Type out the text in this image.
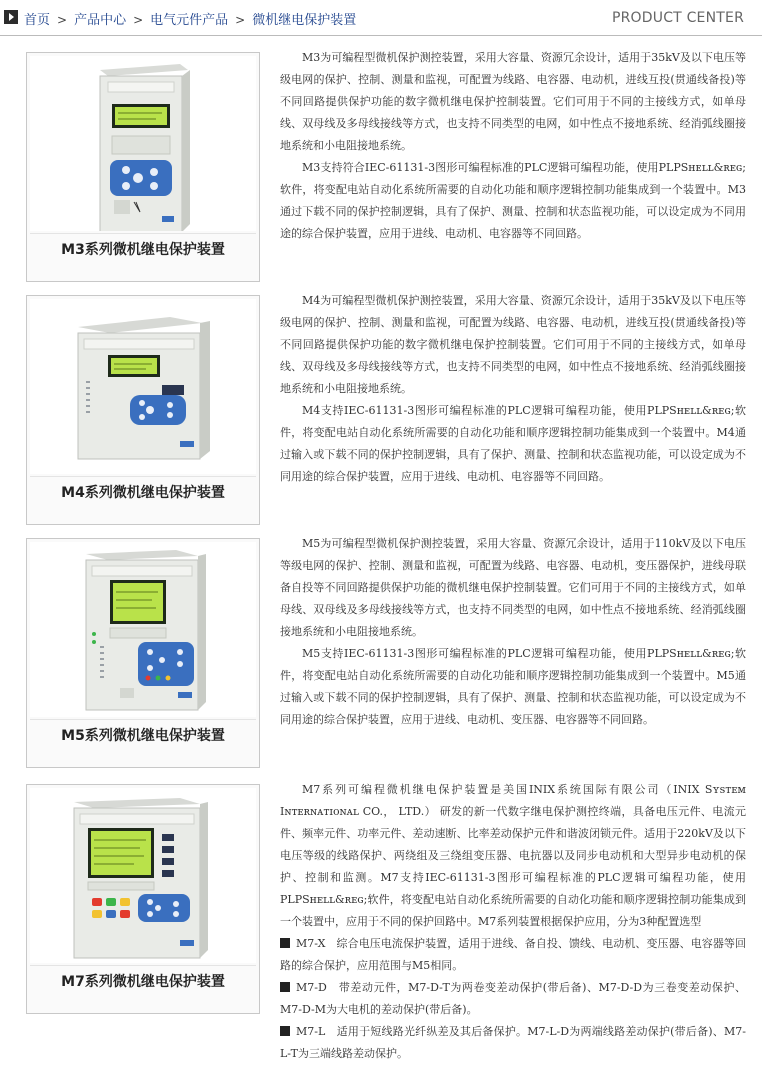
首页 > 产品中心 > 电气元件产品 > 微机继电保护装置	PRODUCT CENTER
M3系列微机继电保护装置

M3为可编程型微机保护测控装置，采用大容量、资源冗余设计，适用于35kV及以下电压等级电网的保护、控制、测量和监视，可配置为线路、电容器、电动机，进线互投(贯通线备投)等不同回路提供保护功能的数字微机继电保护控制装置。它们可用于不同的主接线方式，如单母线、双母线及多母线接线等方式，也支持不同类型的电网，如中性点不接地系统、经消弧线圈接地系统和小电阻接地系统。

M3支持符合IEC-61131-3图形可编程标准的PLC逻辑可编程功能，使用PLPSʜᴇʟʟ&ʀᴇɢ;软件，将变配电站自动化系统所需要的自动化功能和顺序逻辑控制功能集成到一个装置中。M3通过下载不同的保护控制逻辑，具有了保护、测量、控制和状态监视功能，可以设定成为不同用途的综合保护装置，应用于进线、电动机、电容器等不同回路。

M4系列微机继电保护装置

M4为可编程型微机保护测控装置，采用大容量、资源冗余设计，适用于35kV及以下电压等级电网的保护、控制、测量和监视，可配置为线路、电容器、电动机，进线互投(贯通线备投)等不同回路提供保护功能的数字微机继电保护控制装置。它们可用于不同的主接线方式，如单母线、双母线及多母线接线等方式，也支持不同类型的电网，如中性点不接地系统、经消弧线圈接地系统和小电阻接地系统。

M4支持IEC-61131-3图形可编程标准的PLC逻辑可编程功能，使用PLPSʜᴇʟʟ&ʀᴇɢ;软件，将变配电站自动化系统所需要的自动化功能和顺序逻辑控制功能集成到一个装置中。M4通过输入或下载不同的保护控制逻辑，具有了保护、测量、控制和状态监视功能，可以设定成为不同用途的综合保护装置，应用于进线、电动机、电容器等不同回路。

M5系列微机继电保护装置

M5为可编程型微机保护测控装置，采用大容量、资源冗余设计，适用于110kV及以下电压等级电网的保护、控制、测量和监视，可配置为线路、电容器、电动机，变压器保护，进线母联备自投等不同回路提供保护功能的微机继电保护控制装置。它们可用于不同的主接线方式，如单母线、双母线及多母线接线等方式，也支持不同类型的电网，如中性点不接地系统、经消弧线圈接地系统和小电阻接地系统。

M5支持IEC-61131-3图形可编程标准的PLC逻辑可编程功能，使用PLPSʜᴇʟʟ&ʀᴇɢ;软件，将变配电站自动化系统所需要的自动化功能和顺序逻辑控制功能集成到一个装置中。M5通过输入或下载不同的保护控制逻辑，具有了保护、测量、控制和状态监视功能，可以设定成为不同用途的综合保护装置，应用于进线、电动机、变压器、电容器等不同回路。

M7系列微机继电保护装置

M7系列可编程微机继电保护装置是美国INIX系统国际有限公司（INIX Sʏsᴛᴇᴍ Iɴᴛᴇʀɴᴀᴛɪᴏɴᴀʟ CO.， LTD.） 研发的新一代数字继电保护测控终端，具备电压元件、电流元件、频率元件、功率元件、差动速断、比率差动保护元件和谐波闭锁元件。适用于220kV及以下电压等级的线路保护、两绕组及三绕组变压器、电抗器以及同步电动机和大型异步电动机的保护、控制和监测。M7支持IEC-61131-3图形可编程标准的PLC逻辑可编程功能，使用PLPSʜᴇʟʟ&ʀᴇɢ;软件，将变配电站自动化系统所需要的自动化功能和顺序逻辑控制功能集成到一个装置中，应用于不同的保护回路中。M7系列装置根据保护应用，分为3种配置选型

M7-X　综合电压电流保护装置，适用于进线、备自投、馈线、电动机、变压器、电容器等回路的综合保护，应用范围与M5相同。

M7-D　带差动元件，M7-D-T为两卷变差动保护(带后备)、M7-D-D为三卷变差动保护、M7-D-M为大电机的差动保护(带后备)。

M7-L　适用于短线路光纤纵差及其后备保护。M7-L-D为两端线路差动保护(带后备)、M7-L-T为三端线路差动保护。
